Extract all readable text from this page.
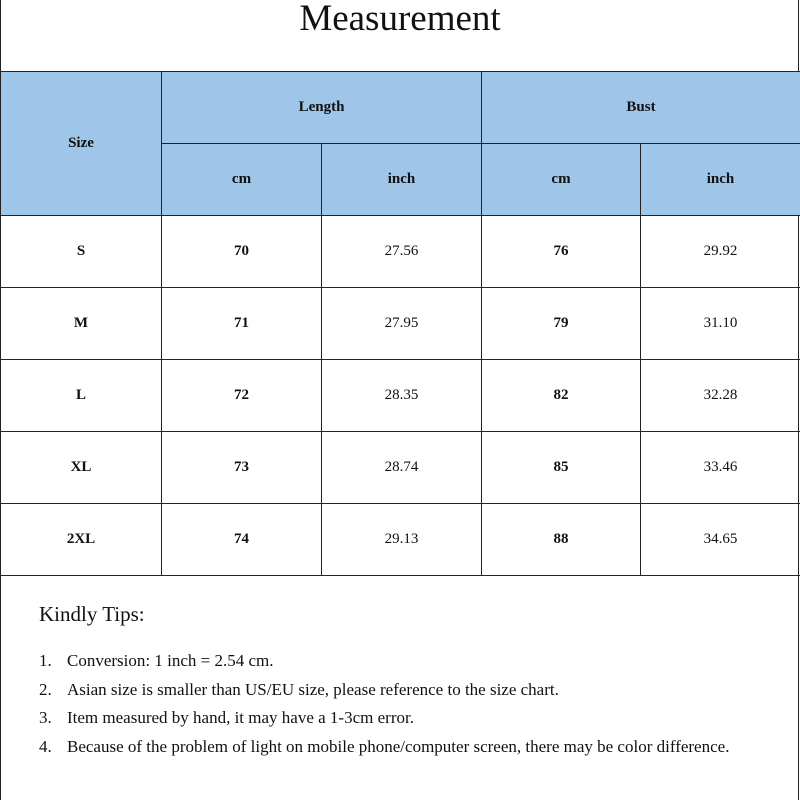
Measurement
Size	Length		Bust	
	cm	inch	cm	inch
S	70	27.56	76	29.92
M	71	27.95	79	31.10
L	72	28.35	82	32.28
XL	73	28.74	85	33.46
2XL	74	29.13	88	34.65
Kindly Tips:
1. Conversion: 1 inch = 2.54 cm.
2. Asian size is smaller than US/EU size, please reference to the size chart.
3. Item measured by hand, it may have a 1-3cm error.
4. Because of the problem of light on mobile phone/computer screen, there may be color difference.
